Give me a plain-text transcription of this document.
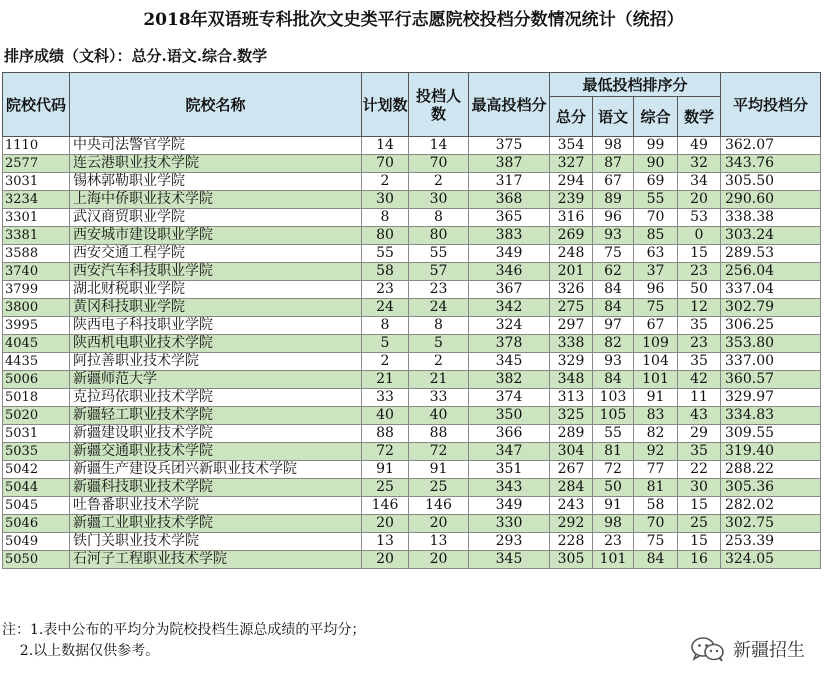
2018年双语班专科批次文史类平行志愿院校投档分数情况统计（统招）
排序成绩（文科）：总分.语文.综合.数学
院校代码	院校名称	计划数	投档人数	最高投档分	最低投档排序分				平均投档分
					总分	语文	综合	数学	
1110	中央司法警官学院	14	14	375	354	98	99	49	362.07
2577	连云港职业技术学院	70	70	387	327	87	90	32	343.76
3031	锡林郭勒职业学院	2	2	317	294	67	69	34	305.50
3234	上海中侨职业技术学院	30	30	368	239	89	55	20	290.60
3301	武汉商贸职业学院	8	8	365	316	96	70	53	338.38
3381	西安城市建设职业学院	80	80	383	269	93	85	0	303.24
3588	西安交通工程学院	55	55	349	248	75	63	15	289.53
3740	西安汽车科技职业学院	58	57	346	201	62	37	23	256.04
3799	湖北财税职业学院	23	23	367	326	84	96	50	337.04
3800	黄冈科技职业学院	24	24	342	275	84	75	12	302.79
3995	陕西电子科技职业学院	8	8	324	297	97	67	35	306.25
4045	陕西机电职业技术学院	5	5	378	338	82	109	23	353.80
4435	阿拉善职业技术学院	2	2	345	329	93	104	35	337.00
5006	新疆师范大学	21	21	382	348	84	101	42	360.57
5018	克拉玛依职业技术学院	33	33	374	313	103	91	11	329.97
5020	新疆轻工职业技术学院	40	40	350	325	105	83	43	334.83
5031	新疆建设职业技术学院	88	88	366	289	55	82	29	309.55
5035	新疆交通职业技术学院	72	72	347	304	81	92	35	319.40
5042	新疆生产建设兵团兴新职业技术学院	91	91	351	267	72	77	22	288.22
5044	新疆科技职业技术学院	25	25	343	284	50	81	30	305.36
5045	吐鲁番职业技术学院	146	146	349	243	91	58	15	282.02
5046	新疆工业职业技术学院	20	20	330	292	98	70	25	302.75
5049	铁门关职业技术学院	13	13	293	228	23	75	15	253.39
5050	石河子工程职业技术学院	20	20	345	305	101	84	16	324.05
注：1.表中公布的平均分为院校投档生源总成绩的平均分；
2.以上数据仅供参考。	新疆招生
